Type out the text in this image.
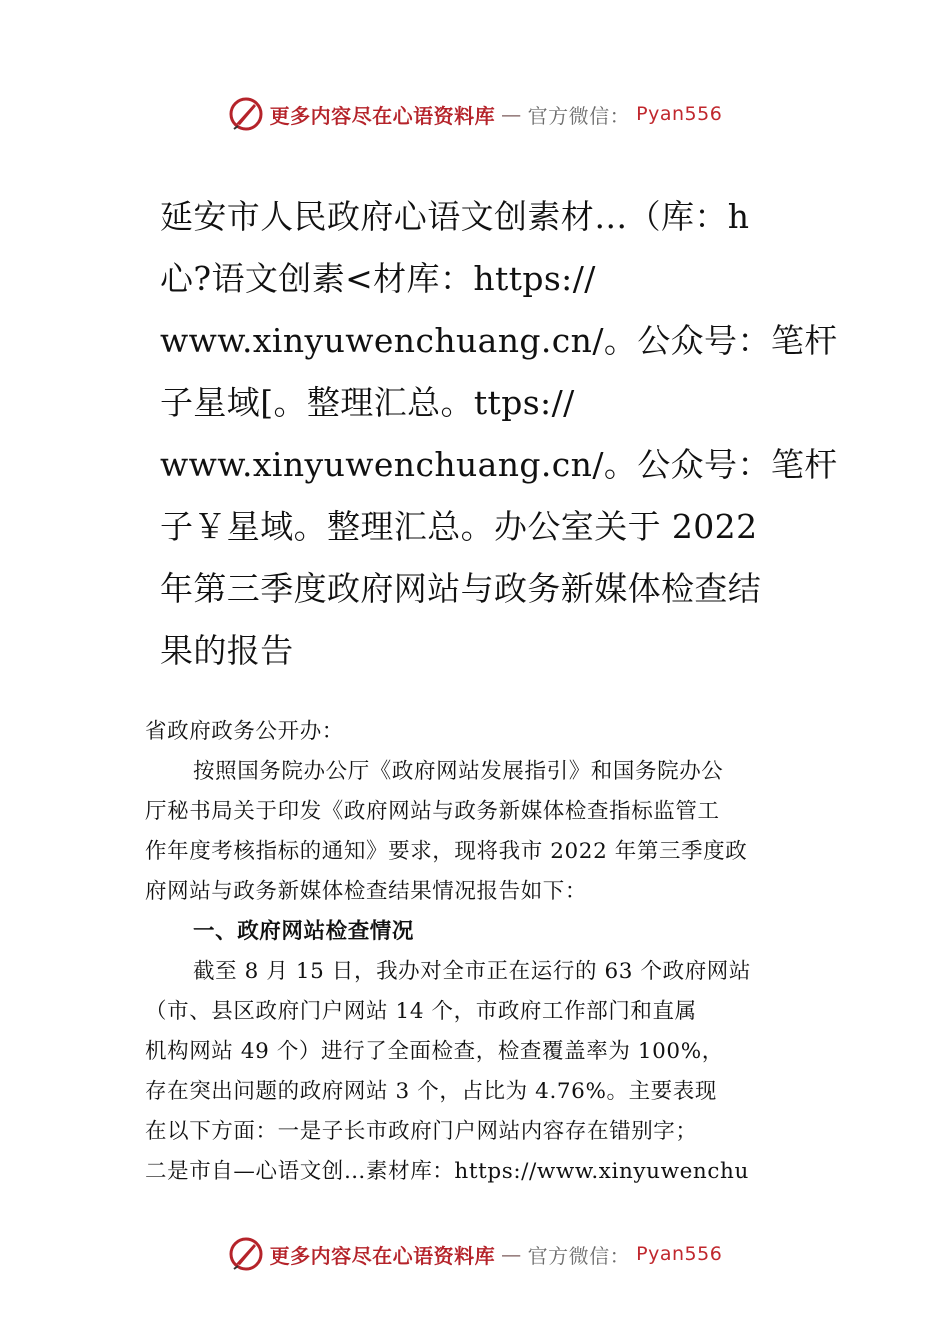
更多内容尽在心语资料库 — 官方微信： Pyan556
延安市人民政府心语文创素材…（库：h
心?语文创素<材库：https://
www.xinyuwenchuang.cn/。公众号：笔杆
子星域[。整理汇总。ttps://
www.xinyuwenchuang.cn/。公众号：笔杆
子￥星域。整理汇总。办公室关于 2022
年第三季度政府网站与政务新媒体检查结
果的报告

省政府政务公开办：

按照国务院办公厅《政府网站发展指引》和国务院办公
厅秘书局关于印发《政府网站与政务新媒体检查指标监管工
作年度考核指标的通知》要求，现将我市 2022 年第三季度政
府网站与政务新媒体检查结果情况报告如下：

一、政府网站检查情况

截至 8 月 15 日，我办对全市正在运行的 63 个政府网站
（市、县区政府门户网站 14 个，市政府工作部门和直属
机构网站 49 个）进行了全面检查，检查覆盖率为 100%，
存在突出问题的政府网站 3 个，占比为 4.76%。主要表现
在以下方面：一是子长市政府门户网站内容存在错别字；
二是市自—心语文创…素材库：https://www.xinyuwenchu

更多内容尽在心语资料库 — 官方微信： Pyan556
